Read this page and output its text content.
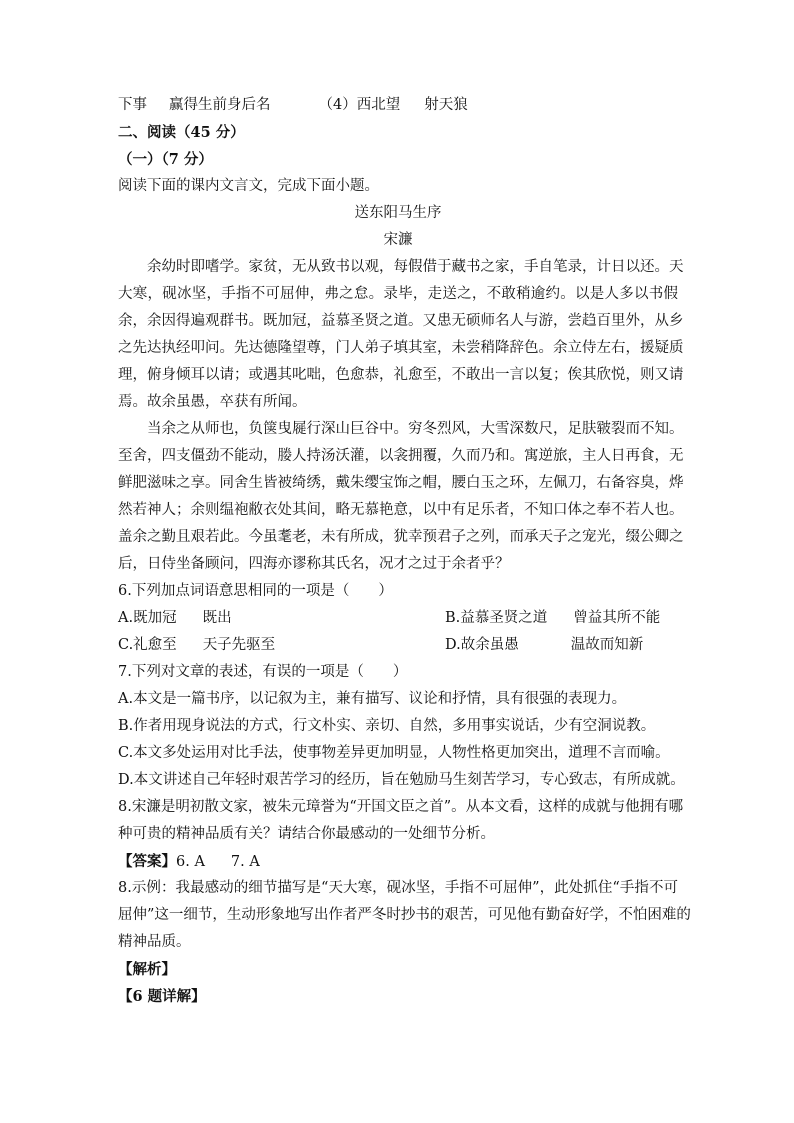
下事 赢得生前身后名	（4）西北望 射天狼
二、阅读（45 分）
（一）（7 分）
阅读下面的课内文言文，完成下面小题。
送东阳马生序
宋濂
余幼时即嗜学。家贫，无从致书以观，每假借于藏书之家，手自笔录，计日以还。天
大寒，砚冰坚，手指不可屈伸，弗之怠。录毕，走送之，不敢稍逾约。以是人多以书假
余，余因得遍观群书。既加冠，益慕圣贤之道。又患无硕师名人与游，尝趋百里外，从乡
之先达执经叩问。先达德隆望尊，门人弟子填其室，未尝稍降辞色。余立侍左右，援疑质
理，俯身倾耳以请；或遇其叱咄，色愈恭，礼愈至，不敢出一言以复；俟其欣悦，则又请
焉。故余虽愚，卒获有所闻。
当余之从师也，负箧曳屣行深山巨谷中。穷冬烈风，大雪深数尺，足肤皲裂而不知。
至舍，四支僵劲不能动，媵人持汤沃灌，以衾拥覆，久而乃和。寓逆旅，主人日再食，无
鲜肥滋味之享。同舍生皆被绮绣，戴朱缨宝饰之帽，腰白玉之环，左佩刀，右备容臭，烨
然若神人；余则缊袍敝衣处其间，略无慕艳意，以中有足乐者，不知口体之奉不若人也。
盖余之勤且艰若此。今虽耄老，未有所成，犹幸预君子之列，而承天子之宠光，缀公卿之
后，日侍坐备顾问，四海亦谬称其氏名，况才之过于余者乎？
6.下列加点词语意思相同的一项是（　　）
A.既加冠 既出	B.益慕圣贤之道 曾益其所不能
C.礼愈至 天子先驱至	D.故余虽愚	温故而知新
7.下列对文章的表述，有误的一项是（　　）
A.本文是一篇书序，以记叙为主，兼有描写、议论和抒情，具有很强的表现力。
B.作者用现身说法的方式，行文朴实、亲切、自然，多用事实说话，少有空洞说教。
C.本文多处运用对比手法，使事物差异更加明显，人物性格更加突出，道理不言而喻。
D.本文讲述自己年轻时艰苦学习的经历，旨在勉励马生刻苦学习，专心致志，有所成就。
8.宋濂是明初散文家，被朱元璋誉为“开国文臣之首”。从本文看，这样的成就与他拥有哪
种可贵的精神品质有关？请结合你最感动的一处细节分析。
【答案】6. A 7. A
8.示例：我最感动的细节描写是“天大寒，砚冰坚，手指不可屈伸”，此处抓住“手指不可
屈伸”这一细节，生动形象地写出作者严冬时抄书的艰苦，可见他有勤奋好学，不怕困难的
精神品质。
【解析】
【6 题详解】
